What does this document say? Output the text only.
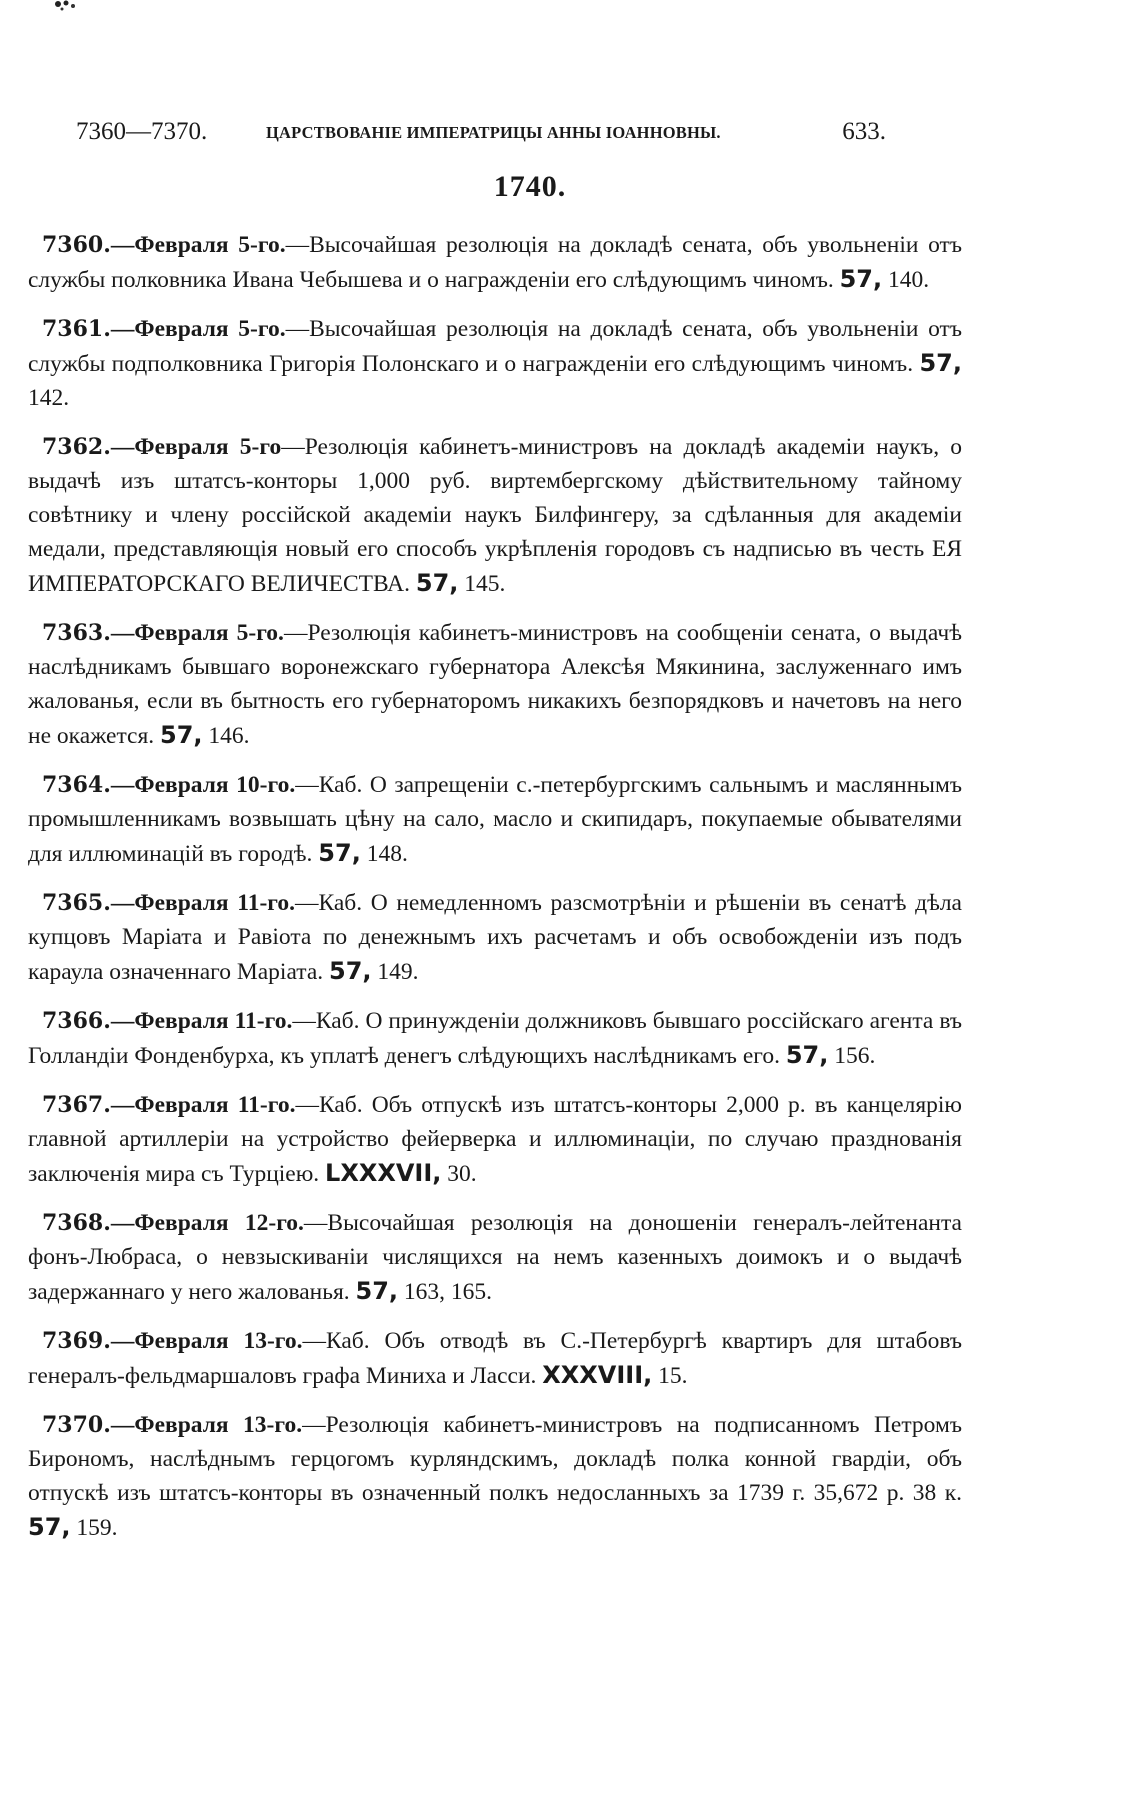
7360—7370.	ЦАРСТВОВАНІЕ ИМПЕРАТРИЦЫ АННЫ ІОАННОВНЫ.	633.
1740.

7360.—Февраля 5-го.—Высочайшая резолюція на докладѣ сената, объ увольненіи отъ службы полковника Ивана Чебышева и о награжденіи его слѣдующимъ чиномъ. 57, 140.

7361.—Февраля 5-го.—Высочайшая резолюція на докладѣ сената, объ увольненіи отъ службы подполковника Григорія Полонскаго и о награжденіи его слѣдующимъ чиномъ. 57, 142.

7362.—Февраля 5-го—Резолюція кабинетъ-министровъ на докладѣ академіи наукъ, о выдачѣ изъ штатсъ-конторы 1,000 руб. виртембергскому дѣйствительному тайному совѣтнику и члену россійской академіи наукъ Билфингеру, за сдѣланныя для академіи медали, представляющія новый его способъ укрѣпленія городовъ съ надписью въ честь ЕЯ ИМПЕРАТОРСКАГО ВЕЛИЧЕСТВА. 57, 145.

7363.—Февраля 5-го.—Резолюція кабинетъ-министровъ на сообщеніи сената, о выдачѣ наслѣдникамъ бывшаго воронежскаго губернатора Алексѣя Мякинина, заслуженнаго имъ жалованья, если въ бытность его губернаторомъ никакихъ безпорядковъ и начетовъ на него не окажется. 57, 146.

7364.—Февраля 10-го.—Каб. О запрещеніи с.-петербургскимъ сальнымъ и масляннымъ промышленникамъ возвышать цѣну на сало, масло и скипидаръ, покупаемые обывателями для иллюминацій въ городѣ. 57, 148.

7365.—Февраля 11-го.—Каб. О немедленномъ разсмотрѣніи и рѣшеніи въ сенатѣ дѣла купцовъ Маріата и Равіота по денежнымъ ихъ расчетамъ и объ освобожденіи изъ подъ караула означеннаго Маріата. 57, 149.

7366.—Февраля 11-го.—Каб. О принужденіи должниковъ бывшаго россійскаго агента въ Голландіи Фонденбурха, къ уплатѣ денегъ слѣдующихъ наслѣдникамъ его. 57, 156.

7367.—Февраля 11-го.—Каб. Объ отпускѣ изъ штатсъ-конторы 2,000 р. въ канцелярію главной артиллеріи на устройство фейерверка и иллюминаціи, по случаю празднованія заключенія мира съ Турціею. LXXXVII, 30.

7368.—Февраля 12-го.—Высочайшая резолюція на доношеніи генералъ-лейтенанта фонъ-Любраса, о невзыскиваніи числящихся на немъ казенныхъ доимокъ и о выдачѣ задержаннаго у него жалованья. 57, 163, 165.

7369.—Февраля 13-го.—Каб. Объ отводѣ въ С.-Петербургѣ квартиръ для штабовъ генералъ-фельдмаршаловъ графа Миниха и Ласси. XXXVIII, 15.

7370.—Февраля 13-го.—Резолюція кабинетъ-министровъ на подписанномъ Петромъ Бирономъ, наслѣднымъ герцогомъ курляндскимъ, докладѣ полка конной гвардіи, объ отпускѣ изъ штатсъ-конторы въ означенный полкъ недосланныхъ за 1739 г. 35,672 р. 38 к. 57, 159.
